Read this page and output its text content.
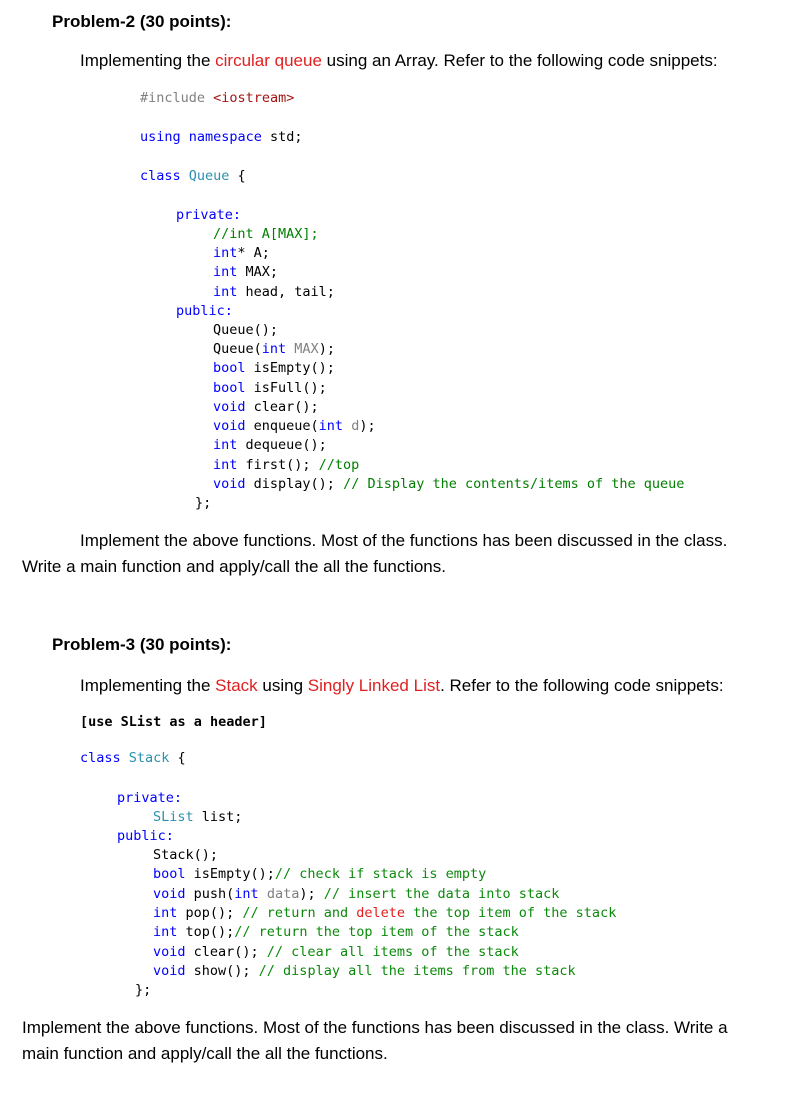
Problem-2 (30 points):
Implementing the circular queue using an Array. Refer to the following code snippets:
#include <iostream>
using namespace std;
class Queue {
private:
//int A[MAX];
int* A;
int MAX;
int head, tail;
public:
Queue();
Queue(int MAX);
bool isEmpty();
bool isFull();
void clear();
void enqueue(int d);
int dequeue();
int first(); //top
void display(); // Display the contents/items of the queue
};
Implement the above functions. Most of the functions has been discussed in the class.
Write a main function and apply/call the all the functions.
Problem-3 (30 points):
Implementing the Stack using Singly Linked List. Refer to the following code snippets:
[use SList as a header]
class Stack {
private:
SList list;
public:
Stack();
bool isEmpty();// check if stack is empty
void push(int data); // insert the data into stack
int pop(); // return and delete the top item of the stack
int top();// return the top item of the stack
void clear(); // clear all items of the stack
void show(); // display all the items from the stack
};
Implement the above functions. Most of the functions has been discussed in the class. Write a
main function and apply/call the all the functions.
